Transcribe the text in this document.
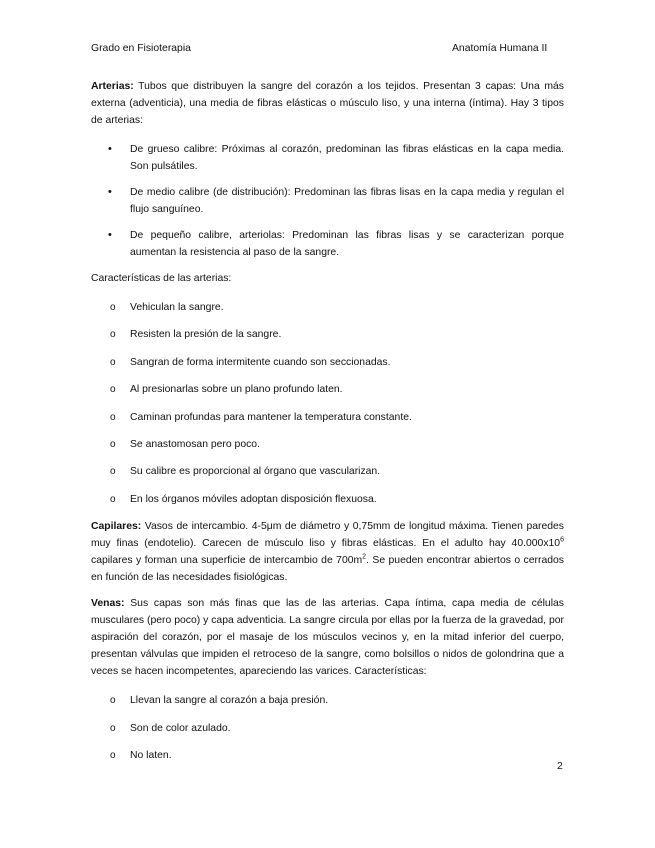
Grado en Fisioterapia	Anatomía Humana II

Arterias: Tubos que distribuyen la sangre del corazón a los tejidos. Presentan 3 capas: Una más externa (adventicia), una media de fibras elásticas o músculo liso, y una interna (íntima). Hay 3 tipos de arterias:

• De grueso calibre: Próximas al corazón, predominan las fibras elásticas en la capa media. Son pulsátiles.
• De medio calibre (de distribución): Predominan las fibras lisas en la capa media y regulan el flujo sanguíneo.
• De pequeño calibre, arteriolas: Predominan las fibras lisas y se caracterizan porque aumentan la resistencia al paso de la sangre.

Características de las arterias:

o Vehiculan la sangre.
o Resisten la presión de la sangre.
o Sangran de forma intermitente cuando son seccionadas.
o Al presionarlas sobre un plano profundo laten.
o Caminan profundas para mantener la temperatura constante.
o Se anastomosan pero poco.
o Su calibre es proporcional al órgano que vascularizan.
o En los órganos móviles adoptan disposición flexuosa.

Capilares: Vasos de intercambio. 4-5μm de diámetro y 0,75mm de longitud máxima. Tienen paredes muy finas (endotelio). Carecen de músculo liso y fibras elásticas. En el adulto hay $40.000x10^6$ capilares y forman una superficie de intercambio de $700m^2$. Se pueden encontrar abiertos o cerrados en función de las necesidades fisiológicas.

Venas: Sus capas son más finas que las de las arterias. Capa íntima, capa media de células musculares (pero poco) y capa adventicia. La sangre circula por ellas por la fuerza de la gravedad, por aspiración del corazón, por el masaje de los músculos vecinos y, en la mitad inferior del cuerpo, presentan válvulas que impiden el retroceso de la sangre, como bolsillos o nidos de golondrina que a veces se hacen incompetentes, apareciendo las varices. Características:

o Llevan la sangre al corazón a baja presión.
o Son de color azulado.
o No laten.
2
